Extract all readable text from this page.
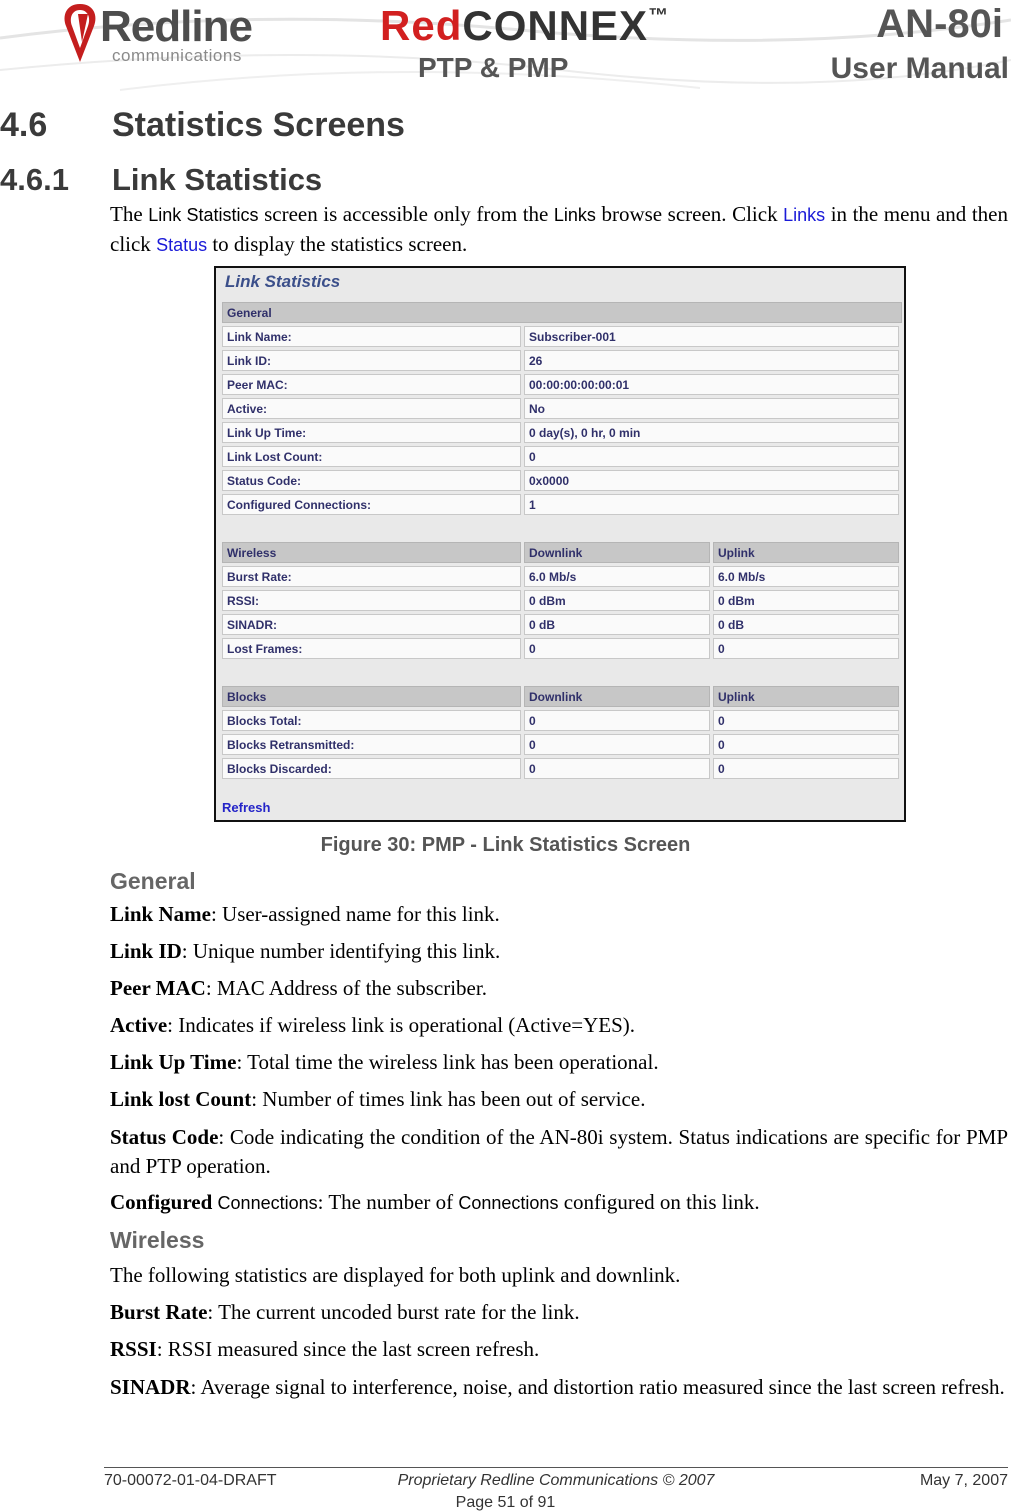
Redline
communications
RedCONNEX™	AN-80i
PTP & PMP	User Manual
4.6 Statistics Screens
4.6.1 Link Statistics

The Link Statistics screen is accessible only from the Links browse screen. Click Links in the menu and then click Status to display the statistics screen.

Link Statistics
General
Link Name:	Subscriber-001
Link ID:	26
Peer MAC:	00:00:00:00:00:01
Active:	No
Link Up Time:	0 day(s), 0 hr, 0 min
Link Lost Count:	0
Status Code:	0x0000
Configured Connections:	1
Wireless	Downlink	Uplink
Burst Rate:	6.0 Mb/s	6.0 Mb/s
RSSI:	0 dBm	0 dBm
SINADR:	0 dB	0 dB
Lost Frames:	0	0
Blocks	Downlink	Uplink
Blocks Total:	0	0
Blocks Retransmitted:	0	0
Blocks Discarded:	0	0
Refresh

Figure 30: PMP - Link Statistics Screen

General

Link Name: User-assigned name for this link.

Link ID: Unique number identifying this link.

Peer MAC: MAC Address of the subscriber.

Active: Indicates if wireless link is operational (Active=YES).

Link Up Time: Total time the wireless link has been operational.

Link lost Count: Number of times link has been out of service.

Status Code: Code indicating the condition of the AN-80i system. Status indications are specific for PMP and PTP operation.

Configured Connections: The number of Connections configured on this link.

Wireless

The following statistics are displayed for both uplink and downlink.

Burst Rate: The current uncoded burst rate for the link.

RSSI: RSSI measured since the last screen refresh.

SINADR: Average signal to interference, noise, and distortion ratio measured since the last screen refresh.

70-00072-01-04-DRAFT	Proprietary Redline Communications © 2007	May 7, 2007
Page 51 of 91
